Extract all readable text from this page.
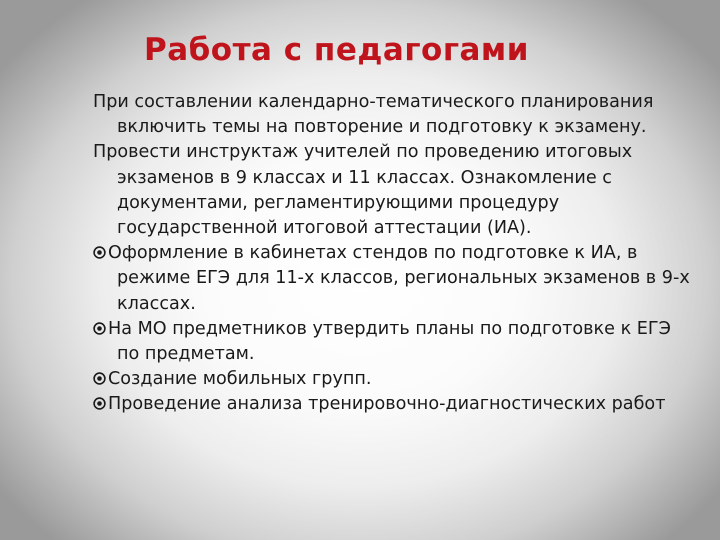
Работа с педагогами

При составлении календарно-тематического планирования включить темы на повторение и подготовку к экзамену.

Провести инструктаж учителей по проведению итоговых экзаменов в 9 классах и 11 классах. Ознакомление с документами, регламентирующими процедуру государственной итоговой аттестации (ИА).

Оформление в кабинетах стендов по подготовке к ИА, в режиме ЕГЭ для 11-х классов, региональных экзаменов в 9-х классах.

На МО предметников утвердить планы по подготовке к ЕГЭ по предметам.

Создание мобильных групп.

Проведение анализа тренировочно-диагностических работ
